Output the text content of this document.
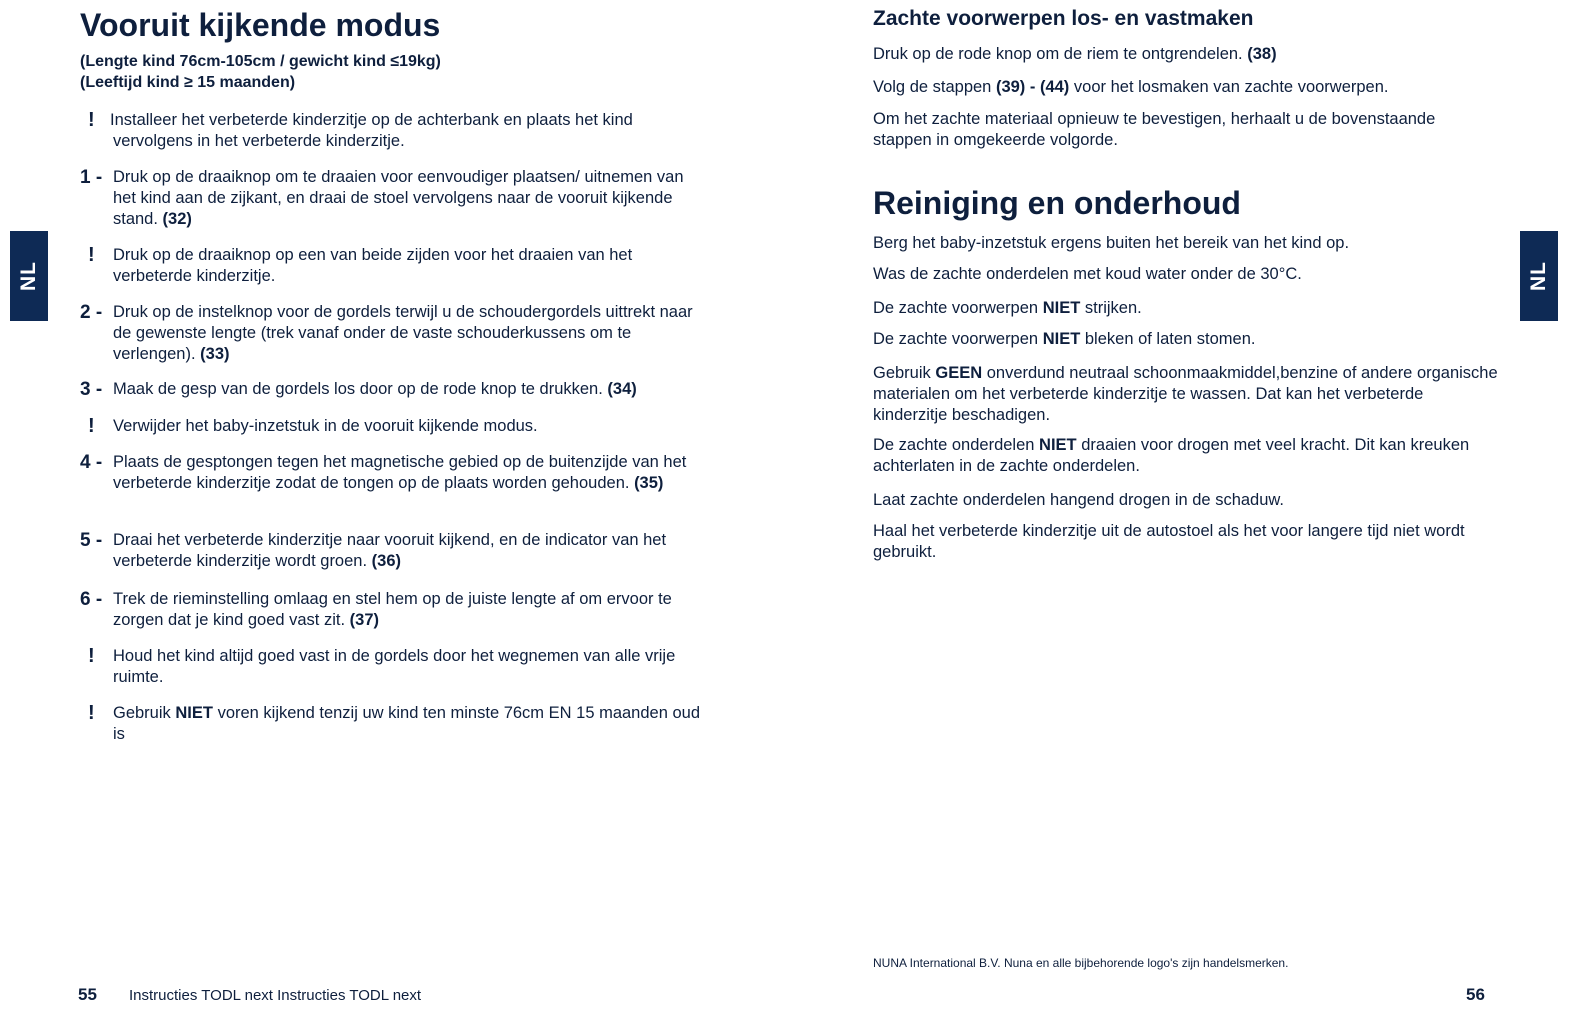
NL	NL
Vooruit kijkende modus
(Lengte kind 76cm-105cm / gewicht kind ≤19kg)
(Leeftijd kind ≥ 15 maanden)
! Installeer het verbeterde kinderzitje op de achterbank en plaats het kind vervolgens in het verbeterde kinderzitje.
1 - Druk op de draaiknop om te draaien voor eenvoudiger plaatsen/ uitnemen van het kind aan de zijkant, en draai de stoel vervolgens naar de vooruit kijkende stand. (32)
!	Druk op de draaiknop op een van beide zijden voor het draaien van het verbeterde kinderzitje.
2 - Druk op de instelknop voor de gordels terwijl u de schoudergordels uittrekt naar de gewenste lengte (trek vanaf onder de vaste schouderkussens om te verlengen). (33)
3 - Maak de gesp van de gordels los door op de rode knop te drukken. (34)
!	Verwijder het baby-inzetstuk in de vooruit kijkende modus.
4 - Plaats de gesptongen tegen het magnetische gebied op de buitenzijde van het verbeterde kinderzitje zodat de tongen op de plaats worden gehouden. (35)
5 - Draai het verbeterde kinderzitje naar vooruit kijkend, en de indicator van het verbeterde kinderzitje wordt groen. (36)
6 - Trek de rieminstelling omlaag en stel hem op de juiste lengte af om ervoor te zorgen dat je kind goed vast zit. (37)
!	Houd het kind altijd goed vast in de gordels door het wegnemen van alle vrije ruimte.
!	Gebruik NIET voren kijkend tenzij uw kind ten minste 76cm EN 15 maanden oud is
55 Instructies TODL next Instructies TODL next
Zachte voorwerpen los- en vastmaken
Druk op de rode knop om de riem te ontgrendelen. (38)
Volg de stappen (39) - (44) voor het losmaken van zachte voorwerpen.
Om het zachte materiaal opnieuw te bevestigen, herhaalt u de bovenstaande stappen in omgekeerde volgorde.
Reiniging en onderhoud
Berg het baby-inzetstuk ergens buiten het bereik van het kind op.
Was de zachte onderdelen met koud water onder de 30°C.
De zachte voorwerpen NIET strijken.
De zachte voorwerpen NIET bleken of laten stomen.
Gebruik GEEN onverdund neutraal schoonmaakmiddel,benzine of andere organische materialen om het verbeterde kinderzitje te wassen. Dat kan het verbeterde kinderzitje beschadigen.
De zachte onderdelen NIET draaien voor drogen met veel kracht. Dit kan kreuken achterlaten in de zachte onderdelen.
Laat zachte onderdelen hangend drogen in de schaduw.
Haal het verbeterde kinderzitje uit de autostoel als het voor langere tijd niet wordt gebruikt.
NUNA International B.V. Nuna en alle bijbehorende logo's zijn handelsmerken.
56
